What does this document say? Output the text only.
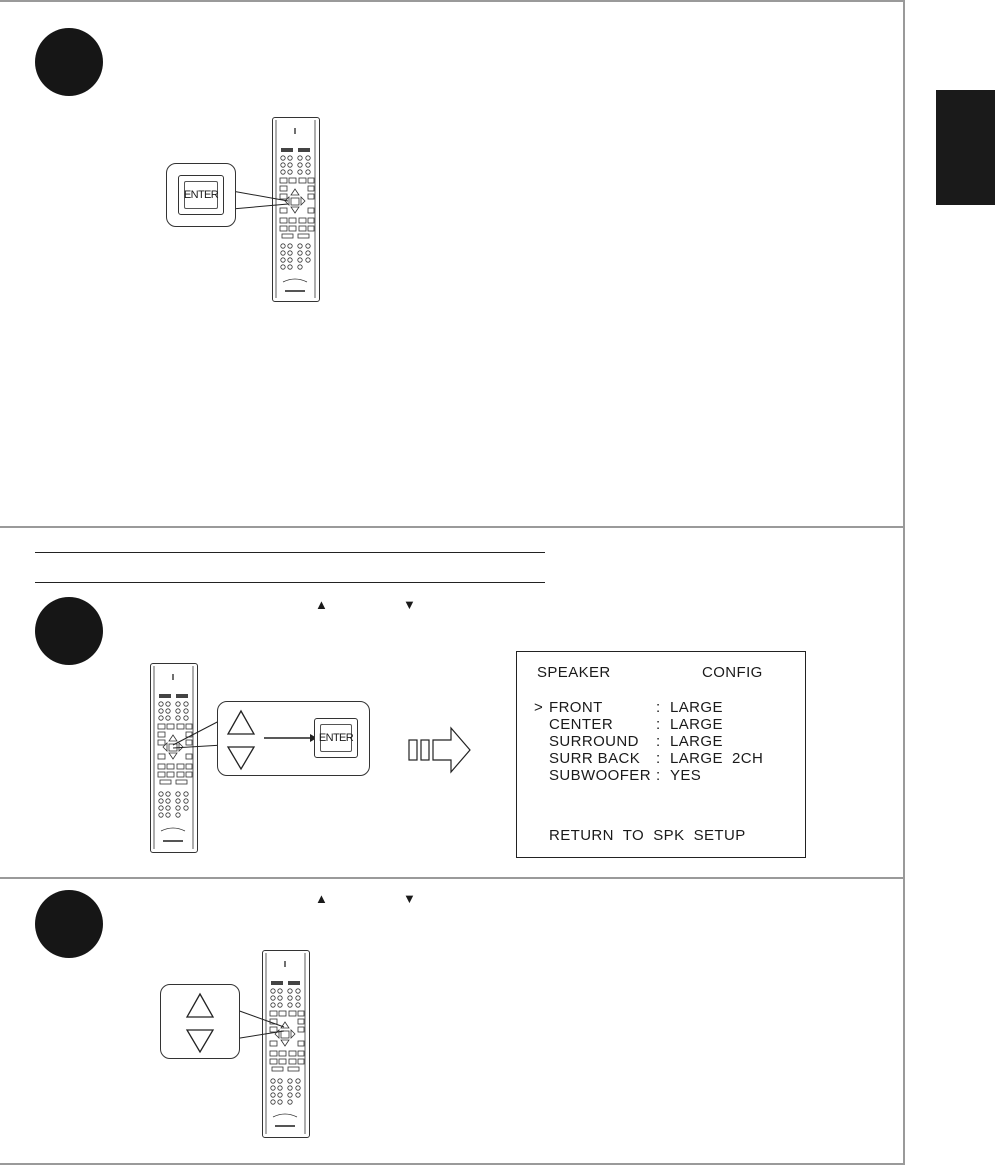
ENTER
▲	▼
ENTER
SPEAKER	CONFIG
> FRONT	: LARGE
CENTER	: LARGE
SURROUND : LARGE
SURR BACK : LARGE  2CH
SUBWOOFER : YES
RETURN  TO  SPK  SETUP
▲	▼
